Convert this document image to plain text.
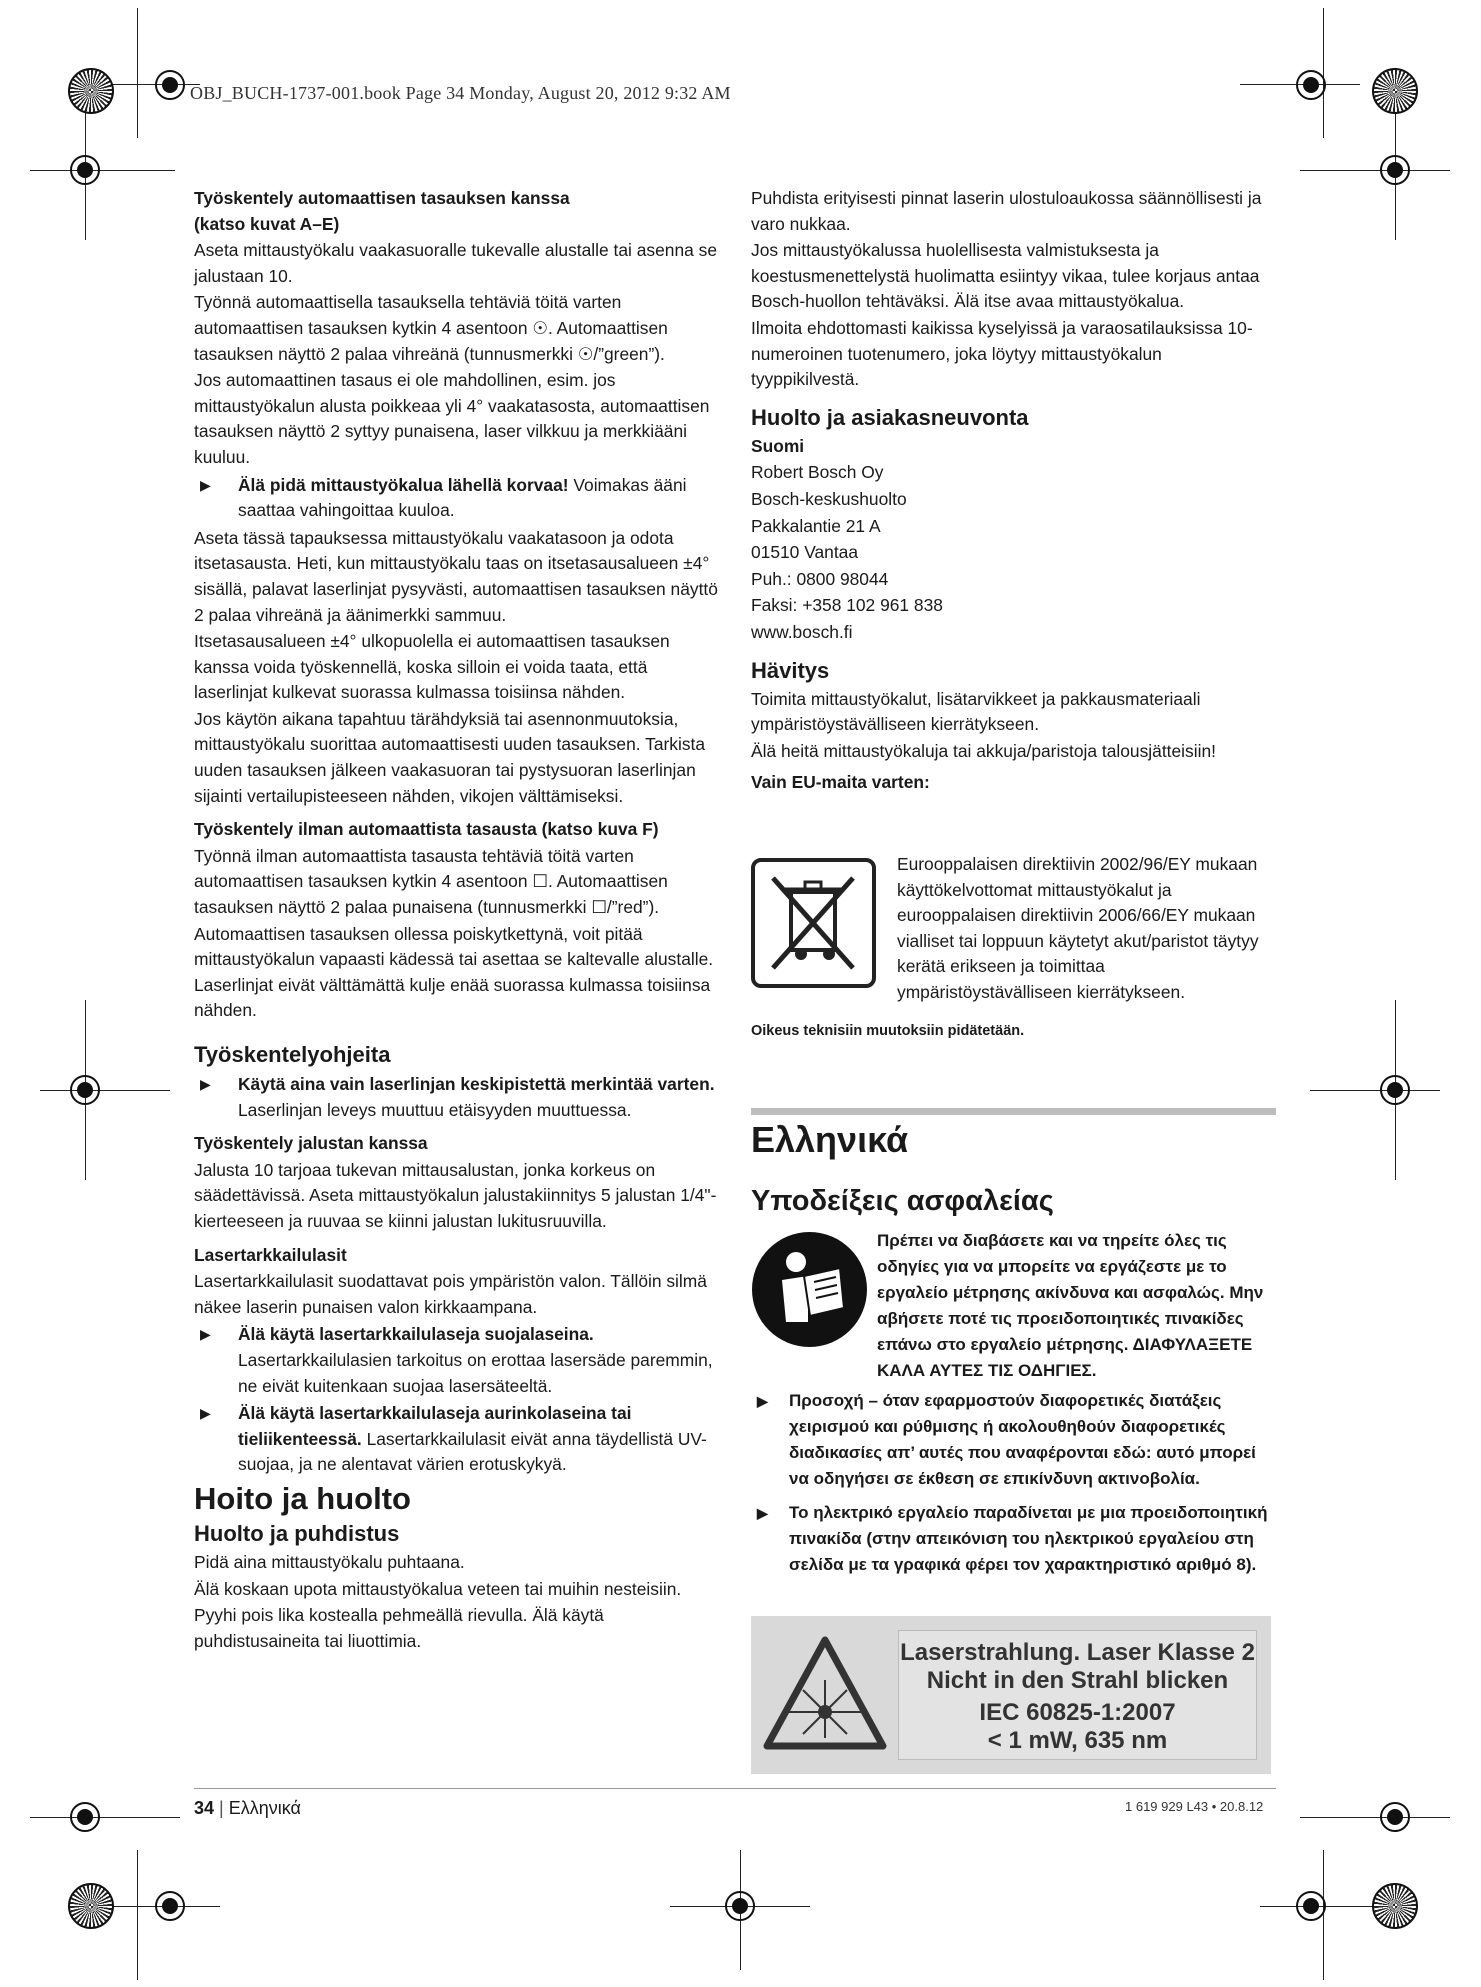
OBJ_BUCH-1737-001.book Page 34 Monday, August 20, 2012 9:32 AM

Työskentely automaattisen tasauksen kanssa
(katso kuvat A–E)

Aseta mittaustyökalu vaakasuoralle tukevalle alustalle tai asenna se jalustaan 10.

Työnnä automaattisella tasauksella tehtäviä töitä varten automaattisen tasauksen kytkin 4 asentoon ☉. Automaattisen tasauksen näyttö 2 palaa vihreänä (tunnusmerkki ☉/”green”).

Jos automaattinen tasaus ei ole mahdollinen, esim. jos mittaustyökalun alusta poikkeaa yli 4° vaakatasosta, automaattisen tasauksen näyttö 2 syttyy punaisena, laser vilkkuu ja merkkiääni kuuluu.

▶ Älä pidä mittaustyökalua lähellä korvaa! Voimakas ääni saattaa vahingoittaa kuuloa.

Aseta tässä tapauksessa mittaustyökalu vaakatasoon ja odota itsetasausta. Heti, kun mittaustyökalu taas on itsetasausalueen ±4° sisällä, palavat laserlinjat pysyvästi, automaattisen tasauksen näyttö 2 palaa vihreänä ja äänimerkki sammuu.

Itsetasausalueen ±4° ulkopuolella ei automaattisen tasauksen kanssa voida työskennellä, koska silloin ei voida taata, että laserlinjat kulkevat suorassa kulmassa toisiinsa nähden.

Jos käytön aikana tapahtuu tärähdyksiä tai asennonmuutoksia, mittaustyökalu suorittaa automaattisesti uuden tasauksen. Tarkista uuden tasauksen jälkeen vaakasuoran tai pystysuoran laserlinjan sijainti vertailupisteeseen nähden, vikojen välttämiseksi.

Työskentely ilman automaattista tasausta (katso kuva F)

Työnnä ilman automaattista tasausta tehtäviä töitä varten automaattisen tasauksen kytkin 4 asentoon ☐. Automaattisen tasauksen näyttö 2 palaa punaisena (tunnusmerkki ☐/”red”).

Automaattisen tasauksen ollessa poiskytkettynä, voit pitää mittaustyökalun vapaasti kädessä tai asettaa se kaltevalle alustalle. Laserlinjat eivät välttämättä kulje enää suorassa kulmassa toisiinsa nähden.

Työskentelyohjeita

▶ Käytä aina vain laserlinjan keskipistettä merkintää varten. Laserlinjan leveys muuttuu etäisyyden muuttuessa.

Työskentely jalustan kanssa

Jalusta 10 tarjoaa tukevan mittausalustan, jonka korkeus on säädettävissä. Aseta mittaustyökalun jalustakiinnitys 5 jalustan 1/4"-kierteeseen ja ruuvaa se kiinni jalustan lukitusruuvilla.

Lasertarkkailulasit

Lasertarkkailulasit suodattavat pois ympäristön valon. Tällöin silmä näkee laserin punaisen valon kirkkaampana.

▶ Älä käytä lasertarkkailulaseja suojalaseina. Lasertarkkailulasien tarkoitus on erottaa lasersäde paremmin, ne eivät kuitenkaan suojaa lasersäteeltä.
▶ Älä käytä lasertarkkailulaseja aurinkolaseina tai tieliikenteessä. Lasertarkkailulasit eivät anna täydellistä UV-suojaa, ja ne alentavat värien erotuskykyä.

Hoito ja huolto

Huolto ja puhdistus

Pidä aina mittaustyökalu puhtaana.

Älä koskaan upota mittaustyökalua veteen tai muihin nesteisiin.

Pyyhi pois lika kostealla pehmeällä rievulla. Älä käytä puhdistusaineita tai liuottimia.

Puhdista erityisesti pinnat laserin ulostuloaukossa säännöllisesti ja varo nukkaa.

Jos mittaustyökalussa huolellisesta valmistuksesta ja koestusmenettelystä huolimatta esiintyy vikaa, tulee korjaus antaa Bosch-huollon tehtäväksi. Älä itse avaa mittaustyökalua.

Ilmoita ehdottomasti kaikissa kyselyissä ja varaosatilauksissa 10-numeroinen tuotenumero, joka löytyy mittaustyökalun tyyppikilvestä.

Huolto ja asiakasneuvonta

Suomi

Robert Bosch Oy

Bosch-keskushuolto

Pakkalantie 21 A

01510 Vantaa

Puh.: 0800 98044

Faksi: +358 102 961 838

www.bosch.fi

Hävitys

Toimita mittaustyökalut, lisätarvikkeet ja pakkausmateriaali ympäristöystävälliseen kierrätykseen.

Älä heitä mittaustyökaluja tai akkuja/paristoja talousjätteisiin!

Vain EU-maita varten:

Eurooppalaisen direktiivin 2002/96/EY mukaan käyttökelvottomat mittaustyökalut ja eurooppalaisen direktiivin 2006/66/EY mukaan vialliset tai loppuun käytetyt akut/paristot täytyy kerätä erikseen ja toimittaa ympäristöystävälliseen kierrätykseen.
Oikeus teknisiin muutoksiin pidätetään.
Ελληνικά
Υποδείξεις ασφαλείας
Πρέπει να διαβάσετε και να τηρείτε όλες τις οδηγίες για να μπορείτε να εργάζεστε με το εργαλείο μέτρησης ακίνδυνα και ασφαλώς. Μην αβήσετε ποτέ τις προειδοποιητικές πινακίδες επάνω στο εργαλείο μέτρησης. ΔΙΑΦΥΛΑΞΕΤΕ ΚΑΛΑ ΑΥΤΕΣ ΤΙΣ ΟΔΗΓΙΕΣ.
▶ Προσοχή – όταν εφαρμοστούν διαφορετικές διατάξεις χειρισμού και ρύθμισης ή ακολουθηθούν διαφορετικές διαδικασίες απ’ αυτές που αναφέρονται εδώ: αυτό μπορεί να οδηγήσει σε έκθεση σε επικίνδυνη ακτινοβολία.
▶ Το ηλεκτρικό εργαλείο παραδίνεται με μια προειδοποιητική πινακίδα (στην απεικόνιση του ηλεκτρικού εργαλείου στη σελίδα με τα γραφικά φέρει τον χαρακτηριστικό αριθμό 8).
Laserstrahlung. Laser Klasse 2
Nicht in den Strahl blicken
IEC 60825-1:2007
< 1 mW, 635 nm
34 | Ελληνικά	1 619 929 L43 • 20.8.12
